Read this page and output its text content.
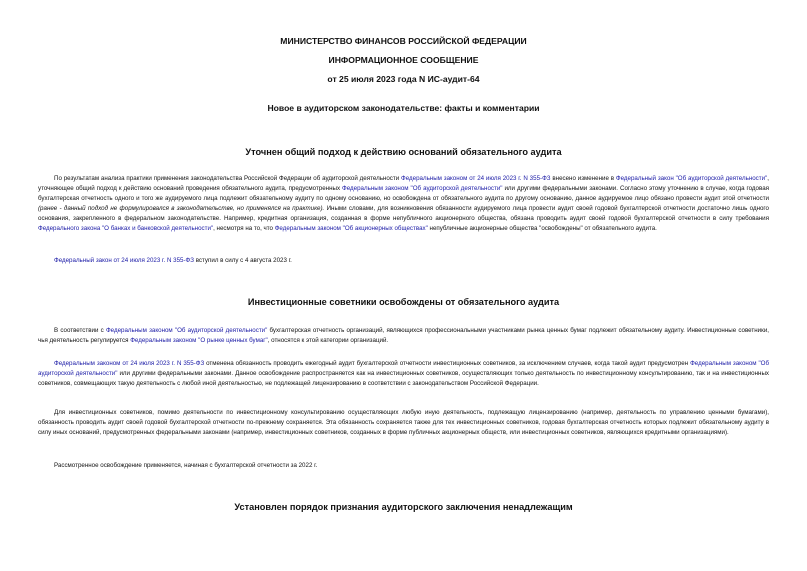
МИНИСТЕРСТВО ФИНАНСОВ РОССИЙСКОЙ ФЕДЕРАЦИИ
ИНФОРМАЦИОННОЕ СООБЩЕНИЕ
от 25 июля 2023 года N ИС-аудит-64
Новое в аудиторском законодательстве: факты и комментарии
Уточнен общий подход к действию оснований обязательного аудита
По результатам анализа практики применения законодательства Российской Федерации об аудиторской деятельности Федеральным законом от 24 июля 2023 г. N 355-ФЗ внесено изменение в Федеральный закон "Об аудиторской деятельности", уточняющее общий подход к действию оснований проведения обязательного аудита, предусмотренных Федеральным законом "Об аудиторской деятельности" или другими федеральными законами. Согласно этому уточнению в случае, когда годовая бухгалтерская отчетность одного и того же аудируемого лица подлежит обязательному аудиту по одному основанию, но освобождена от обязательного аудита по другому основанию, данное аудируемое лицо обязано провести аудит этой отчетности (ранее - данный подход не формулировался в законодательстве, но применялся на практике). Иными словами, для возникновения обязанности аудируемого лица провести аудит своей годовой бухгалтерской отчетности достаточно лишь одного основания, закрепленного в федеральном законодательстве. Например, кредитная организация, созданная в форме непубличного акционерного общества, обязана проводить аудит своей годовой бухгалтерской отчетности в силу требования Федерального закона "О банках и банковской деятельности", несмотря на то, что Федеральным законом "Об акционерных обществах" непубличные акционерные общества "освобождены" от обязательного аудита.
Федеральный закон от 24 июля 2023 г. N 355-ФЗ вступил в силу с 4 августа 2023 г.
Инвестиционные советники освобождены от обязательного аудита
В соответствии с Федеральным законом "Об аудиторской деятельности" бухгалтерская отчетность организаций, являющихся профессиональными участниками рынка ценных бумаг подлежит обязательному аудиту. Инвестиционные советники, чья деятельность регулируется Федеральным законом "О рынке ценных бумаг", относятся к этой категории организаций.
Федеральным законом от 24 июля 2023 г. N 355-ФЗ отменена обязанность проводить ежегодный аудит бухгалтерской отчетности инвестиционных советников, за исключением случаев, когда такой аудит предусмотрен Федеральным законом "Об аудиторской деятельности" или другими федеральными законами. Данное освобождение распространяется как на инвестиционных советников, осуществляющих только деятельность по инвестиционному консультированию, так и на инвестиционных советников, совмещающих такую деятельность с любой иной деятельностью, не подлежащей лицензированию в соответствии с законодательством Российской Федерации.
Для инвестиционных советников, помимо деятельности по инвестиционному консультированию осуществляющих любую иную деятельность, подлежащую лицензированию (например, деятельность по управлению ценными бумагами), обязанность проводить аудит своей годовой бухгалтерской отчетности по-прежнему сохраняется. Эта обязанность сохраняется также для тех инвестиционных советников, годовая бухгалтерская отчетность которых подлежит обязательному аудиту в силу иных оснований, предусмотренных федеральными законами (например, инвестиционных советников, созданных в форме публичных акционерных обществ, или инвестиционных советников, являющихся кредитными организациями).
Рассмотренное освобождение применяется, начиная с бухгалтерской отчетности за 2022 г.
Установлен порядок признания аудиторского заключения ненадлежащим
